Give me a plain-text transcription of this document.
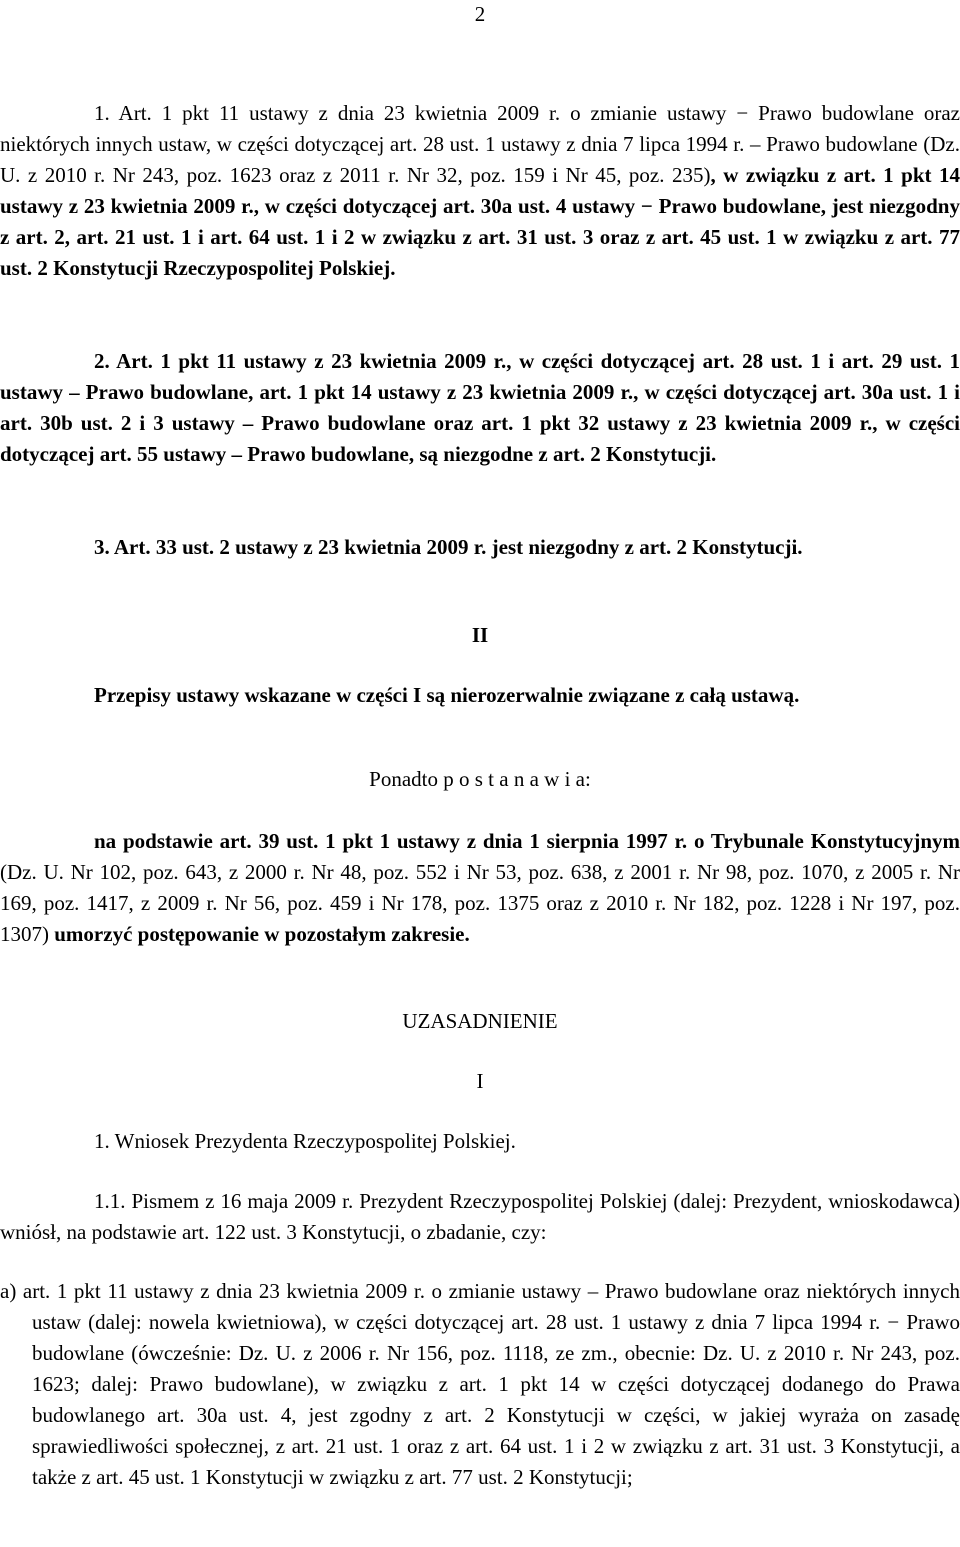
2

1. Art. 1 pkt 11 ustawy z dnia 23 kwietnia 2009 r. o zmianie ustawy − Prawo budowlane oraz niektórych innych ustaw, w części dotyczącej art. 28 ust. 1 ustawy z dnia 7 lipca 1994 r. – Prawo budowlane (Dz. U. z 2010 r. Nr 243, poz. 1623 oraz z 2011 r. Nr 32, poz. 159 i Nr 45, poz. 235), w związku z art. 1 pkt 14 ustawy z 23 kwietnia 2009 r., w części dotyczącej art. 30a ust. 4 ustawy − Prawo budowlane, jest niezgodny z art. 2, art. 21 ust. 1 i art. 64 ust. 1 i 2 w związku z art. 31 ust. 3 oraz z art. 45 ust. 1 w związku z art. 77 ust. 2 Konstytucji Rzeczypospolitej Polskiej.

2. Art. 1 pkt 11 ustawy z 23 kwietnia 2009 r., w części dotyczącej art. 28 ust. 1 i art. 29 ust. 1 ustawy – Prawo budowlane, art. 1 pkt 14 ustawy z 23 kwietnia 2009 r., w części dotyczącej art. 30a ust. 1 i art. 30b ust. 2 i 3 ustawy – Prawo budowlane oraz art. 1 pkt 32 ustawy z 23 kwietnia 2009 r., w części dotyczącej art. 55 ustawy – Prawo budowlane, są niezgodne z art. 2 Konstytucji.

3. Art. 33 ust. 2 ustawy z 23 kwietnia 2009 r. jest niezgodny z art. 2 Konstytucji.

II

Przepisy ustawy wskazane w części I są nierozerwalnie związane z całą ustawą.

Ponadto p o s t a n a w i a:

na podstawie art. 39 ust. 1 pkt 1 ustawy z dnia 1 sierpnia 1997 r. o Trybunale Konstytucyjnym (Dz. U. Nr 102, poz. 643, z 2000 r. Nr 48, poz. 552 i Nr 53, poz. 638, z 2001 r. Nr 98, poz. 1070, z 2005 r. Nr 169, poz. 1417, z 2009 r. Nr 56, poz. 459 i Nr 178, poz. 1375 oraz z 2010 r. Nr 182, poz. 1228 i Nr 197, poz. 1307) umorzyć postępowanie w pozostałym zakresie.

UZASADNIENIE
I

1. Wniosek Prezydenta Rzeczypospolitej Polskiej.

1.1. Pismem z 16 maja 2009 r. Prezydent Rzeczypospolitej Polskiej (dalej: Prezydent, wnioskodawca) wniósł, na podstawie art. 122 ust. 3 Konstytucji, o zbadanie, czy:

a) art. 1 pkt 11 ustawy z dnia 23 kwietnia 2009 r. o zmianie ustawy – Prawo budowlane oraz niektórych innych ustaw (dalej: nowela kwietniowa), w części dotyczącej art. 28 ust. 1 ustawy z dnia 7 lipca 1994 r. − Prawo budowlane (ówcześnie: Dz. U. z 2006 r. Nr 156, poz. 1118, ze zm., obecnie: Dz. U. z 2010 r. Nr 243, poz. 1623; dalej: Prawo budowlane), w związku z art. 1 pkt 14 w części dotyczącej dodanego do Prawa budowlanego art. 30a ust. 4, jest zgodny z art. 2 Konstytucji w części, w jakiej wyraża on zasadę sprawiedliwości społecznej, z art. 21 ust. 1 oraz z art. 64 ust. 1 i 2 w związku z art. 31 ust. 3 Konstytucji, a także z art. 45 ust. 1 Konstytucji w związku z art. 77 ust. 2 Konstytucji;
